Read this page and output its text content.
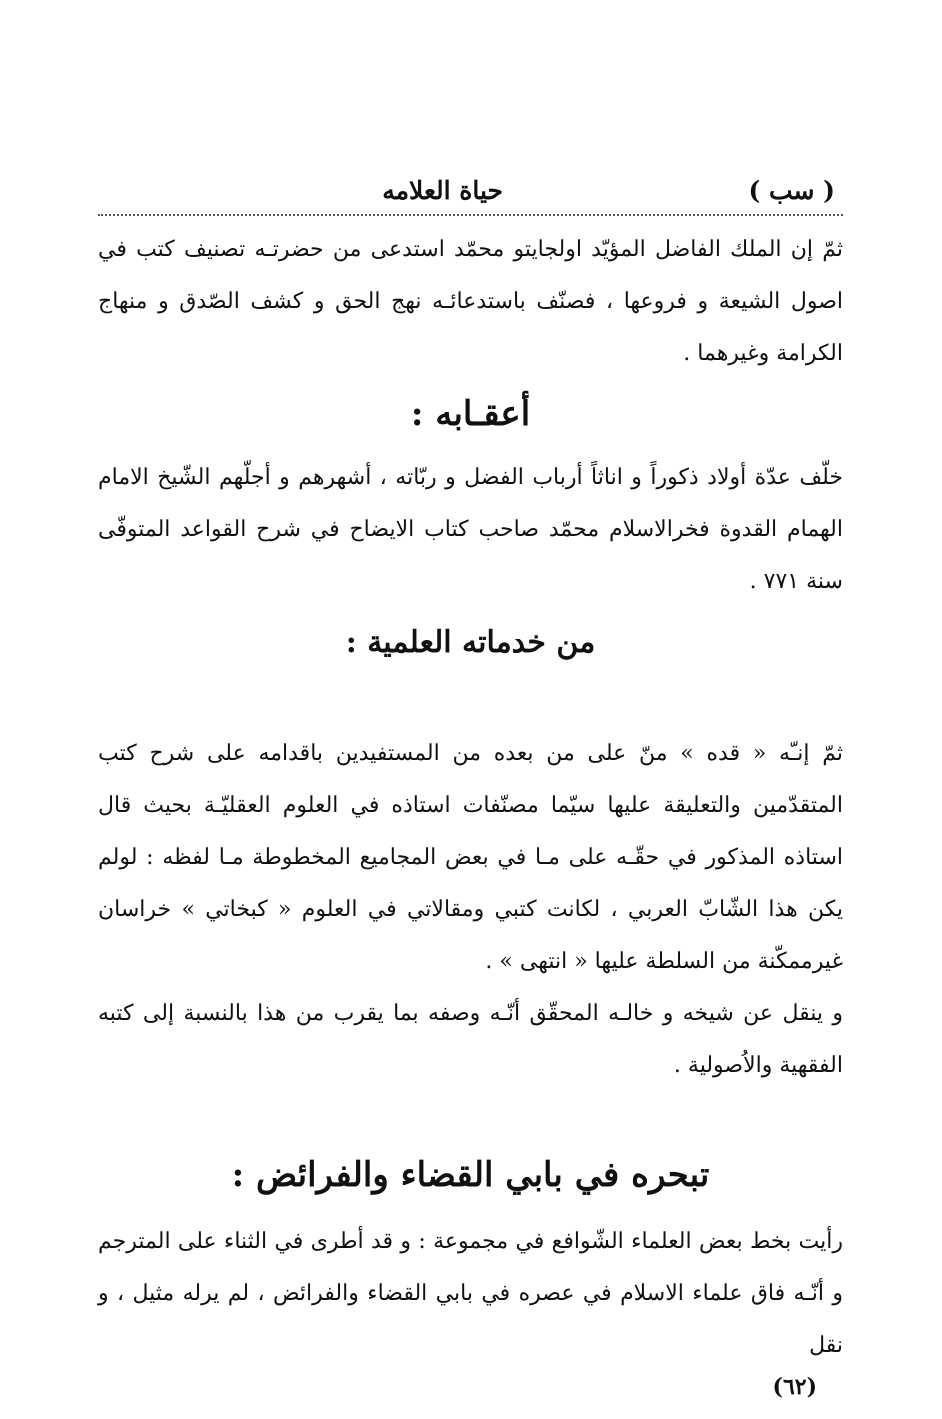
( سب )
حياة العلامه

ثمّ إن الملك الفاضل المؤيّد اولجايتو محمّد استدعى من حضرتـه تصنيف كتب في اصول الشيعة و فروعها ، فصنّف باستدعائـه نهج الحق و كشف الصّدق و منهاج الكرامة وغيرهما .

أعقـابه :

خلّف عدّة أولاد ذكوراً و اناثاً أرباب الفضل و ربّاته ، أشهرهم و أجلّهم الشّيخ الامام الهمام القدوة فخرالاسلام محمّد صاحب كتاب الايضاح في شرح القواعد المتوفّى سنة ٧٧١ .

من خدماته العلمية :

ثمّ إنـّه « قده » منّ على من بعده من المستفيدين باقدامه على شرح كتب المتقدّمين والتعليقة عليها سيّما مصنّفات استاذه في العلوم العقليّـة بحيث قال استاذه المذكور في حقّـه على مـا في بعض المجاميع المخطوطة مـا لفظه : لولم يكن هذا الشّابّ العربي ، لكانت كتبي ومقالاتي في العلوم « كبخاتي » خراسان غيرممكّنة من السلطة عليها « انتهى » .

و ينقل عن شيخه و خالـه المحقّق أنّـه وصفه بما يقرب من هذا بالنسبة إلى كتبه الفقهية والاُصولية .

تبحره في بابي القضاء والفرائض :

رأيت بخط بعض العلماء الشّوافع في مجموعة : و قد أطرى في الثناء على المترجم و أنّـه فاق علماء الاسلام في عصره في بابي القضاء والفرائض ، لم يرله مثيل ، و نقل

(٦٢)
